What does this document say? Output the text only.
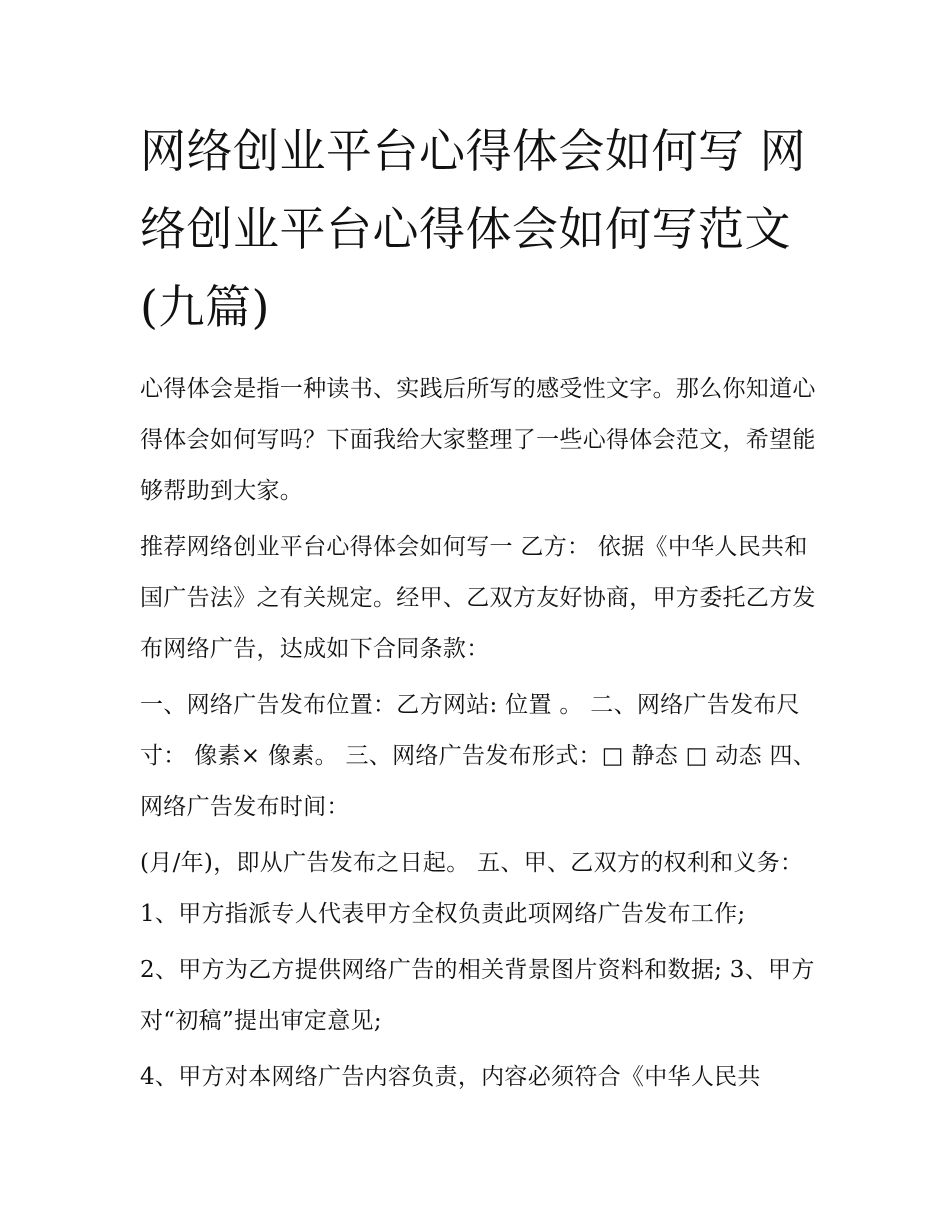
网络创业平台心得体会如何写 网络创业平台心得体会如何写范文(九篇)

心得体会是指一种读书、实践后所写的感受性文字。那么你知道心得体会如何写吗？下面我给大家整理了一些心得体会范文，希望能够帮助到大家。

推荐网络创业平台心得体会如何写一 乙方： 依据《中华人民共和国广告法》之有关规定。经甲、乙双方友好协商，甲方委托乙方发布网络广告，达成如下合同条款：

一、网络广告发布位置：乙方网站: 位置 。 二、网络广告发布尺寸： 像素× 像素。 三、网络广告发布形式：□ 静态 □ 动态 四、网络广告发布时间：

(月/年)，即从广告发布之日起。 五、甲、乙双方的权利和义务： 1、甲方指派专人代表甲方全权负责此项网络广告发布工作;

2、甲方为乙方提供网络广告的相关背景图片资料和数据; 3、甲方对“初稿”提出审定意见;

4、甲方对本网络广告内容负责，内容必须符合《中华人民共
